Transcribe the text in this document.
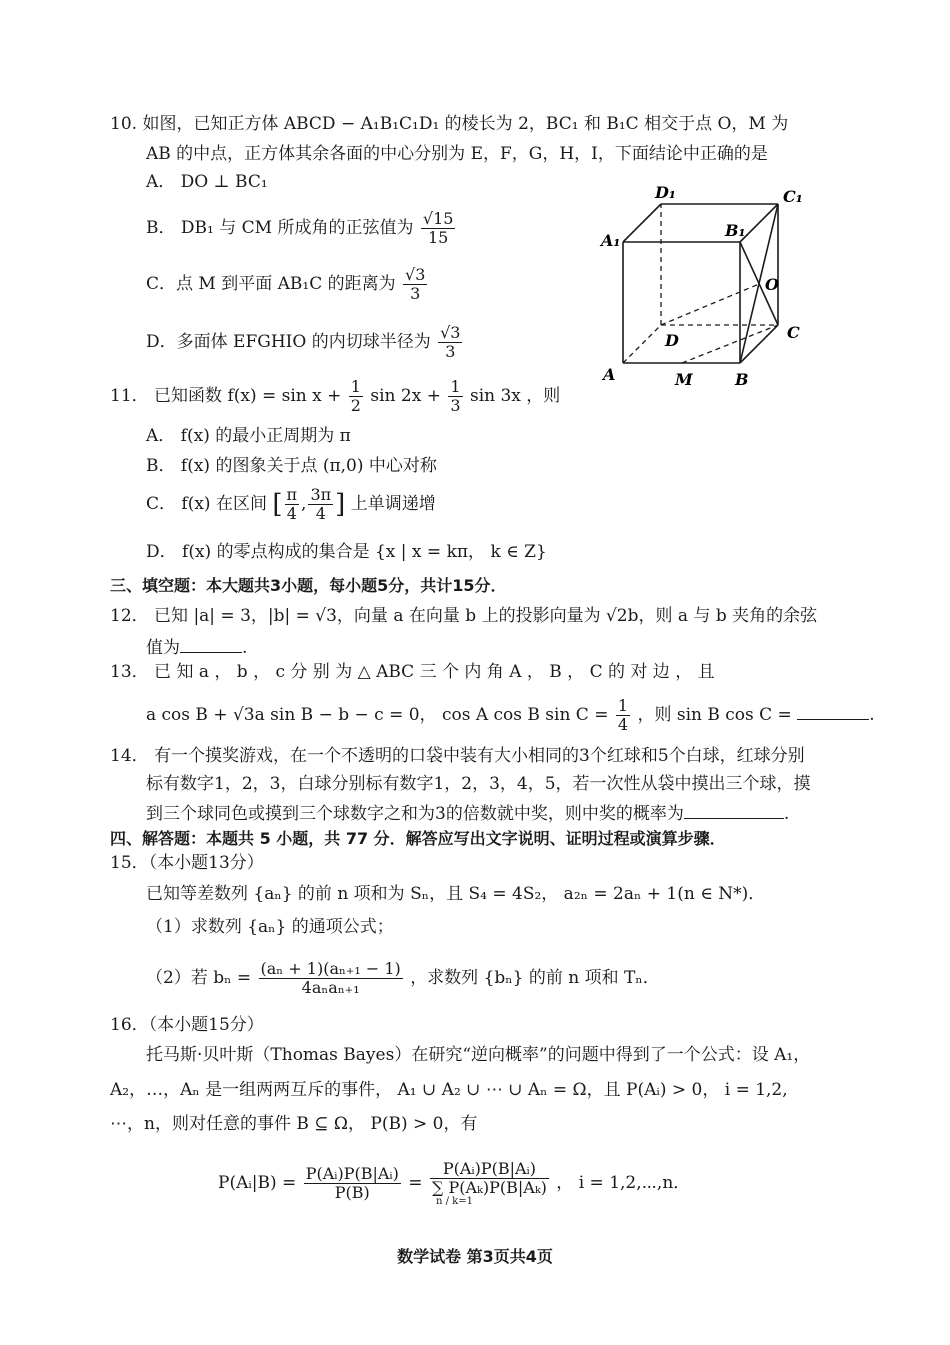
10. 如图，已知正方体 ABCD − A₁B₁C₁D₁ 的棱长为 2，BC₁ 和 B₁C 相交于点 O，M 为
AB 的中点，正方体其余各面的中心分别为 E，F，G，H，I，下面结论中正确的是
A． DO ⊥ BC₁
B． DB₁ 与 CM 所成角的正弦值为 $\frac{√15}{15}$
C．点 M 到平面 AB₁C 的距离为 $\frac{√3}{3}$
D．多面体 EFGHIO 的内切球半径为 $\frac{√3}{3}$
D₁	C₁
A₁
B₁
O
C
D
A	M	B
11． 已知函数 $f(x) = \sin x + \frac{1}{2}$ $\sin 2x + \frac{1}{3}$ sin 3x ，则
A． f(x) 的最小正周期为 π
B． f(x) 的图象关于点 (π,0) 中心对称
C． f(x) 在区间 [ $\frac{\pi}{4}$ , $\frac{3\pi}{4}$ ] 上单调递增
D． f(x) 的零点构成的集合是 {x | x = kπ， k ∈ Z}
三、填空题：本大题共3小题，每小题5分，共计15分．
12． 已知 |a| = 3，|b| = √3，向量 a 在向量 b 上的投影向量为 √2b，则 a 与 b 夹角的余弦
值为	.
13． 已 知 a ， b ， c 分 别 为 △ ABC 三 个 内 角 A ， B ， C 的 对 边 ， 且
a cos B + √3a sin B − b − c = 0， cos A cos B $\sin C = \frac{1}{4}$ ，则 sin B cos C =	.
14． 有一个摸奖游戏，在一个不透明的口袋中装有大小相同的3个红球和5个白球，红球分别
标有数字1，2，3，白球分别标有数字1，2，3，4，5，若一次性从袋中摸出三个球，摸
到三个球同色或摸到三个球数字之和为3的倍数就中奖，则中奖的概率为	.
四、解答题：本题共 5 小题，共 77 分．解答应写出文字说明、证明过程或演算步骤．
15．（本小题13分）
已知等差数列 {aₙ} 的前 n 项和为 Sₙ，且 S₄ = 4S₂， a₂ₙ = 2aₙ + 1(n ∈ N*)．
（1）求数列 {aₙ} 的通项公式；
（2）若 $b_n = \frac{\text{(aₙ + 1)(aₙ₊₁ − 1)}}{\text{4aₙaₙ₊₁}}$ ，求数列 {bₙ} 的前 n 项和 Tₙ．
16．（本小题15分）
托马斯·贝叶斯（Thomas Bayes）在研究“逆向概率”的问题中得到了一个公式：设 A₁，
A₂，…，Aₙ 是一组两两互斥的事件， A₁ ∪ A₂ ∪ ⋯ ∪ Aₙ = Ω，且 P(Aᵢ) > 0， i = 1,2,
⋯，n，则对任意的事件 B ⊆ Ω， P(B) > 0，有
P(Aᵢ|B) = $\frac{\text{P(Aᵢ)P(B|Aᵢ)}}{P(B)}$ = P(Aᵢ)P(B|Aᵢ)
∑ P(Aₖ)P(B|Aₖ)
n / k=1 ， i = 1,2,⋯,n．
数学试卷 第3页共4页
